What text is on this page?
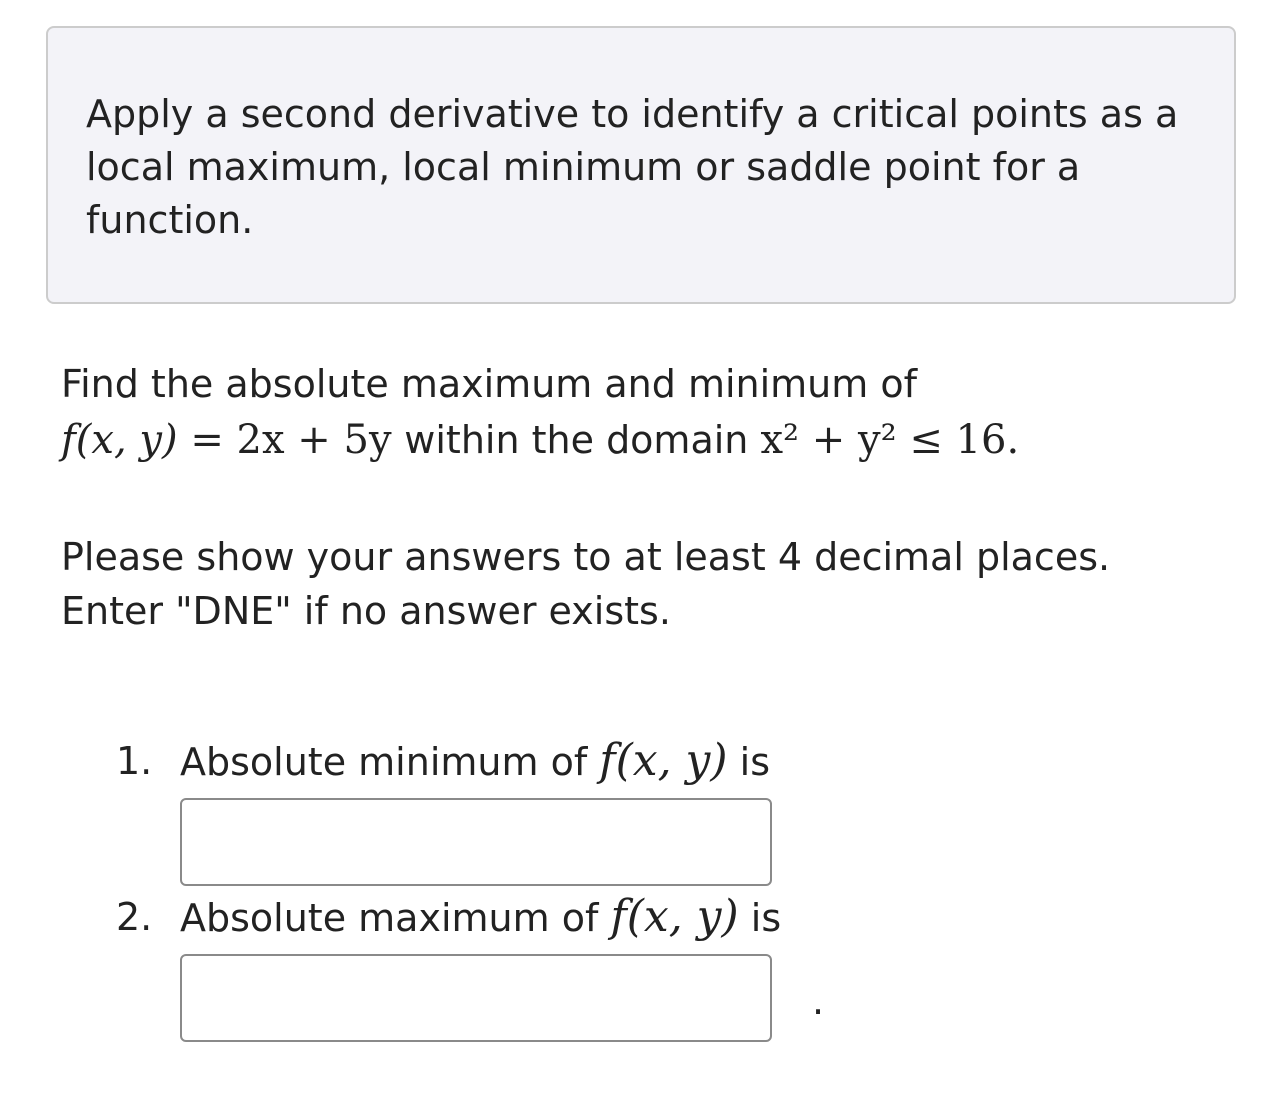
Apply a second derivative to identify a critical points as a local maximum, local minimum or saddle point for a function.

Find the absolute maximum and minimum of
f(x, y) = 2x + 5y within the domain x² + y² ≤ 16.

Please show your answers to at least 4 decimal places.
Enter "DNE" if no answer exists.

1. Absolute minimum of f(x, y) is
2. Absolute maximum of f(x, y) is
.
